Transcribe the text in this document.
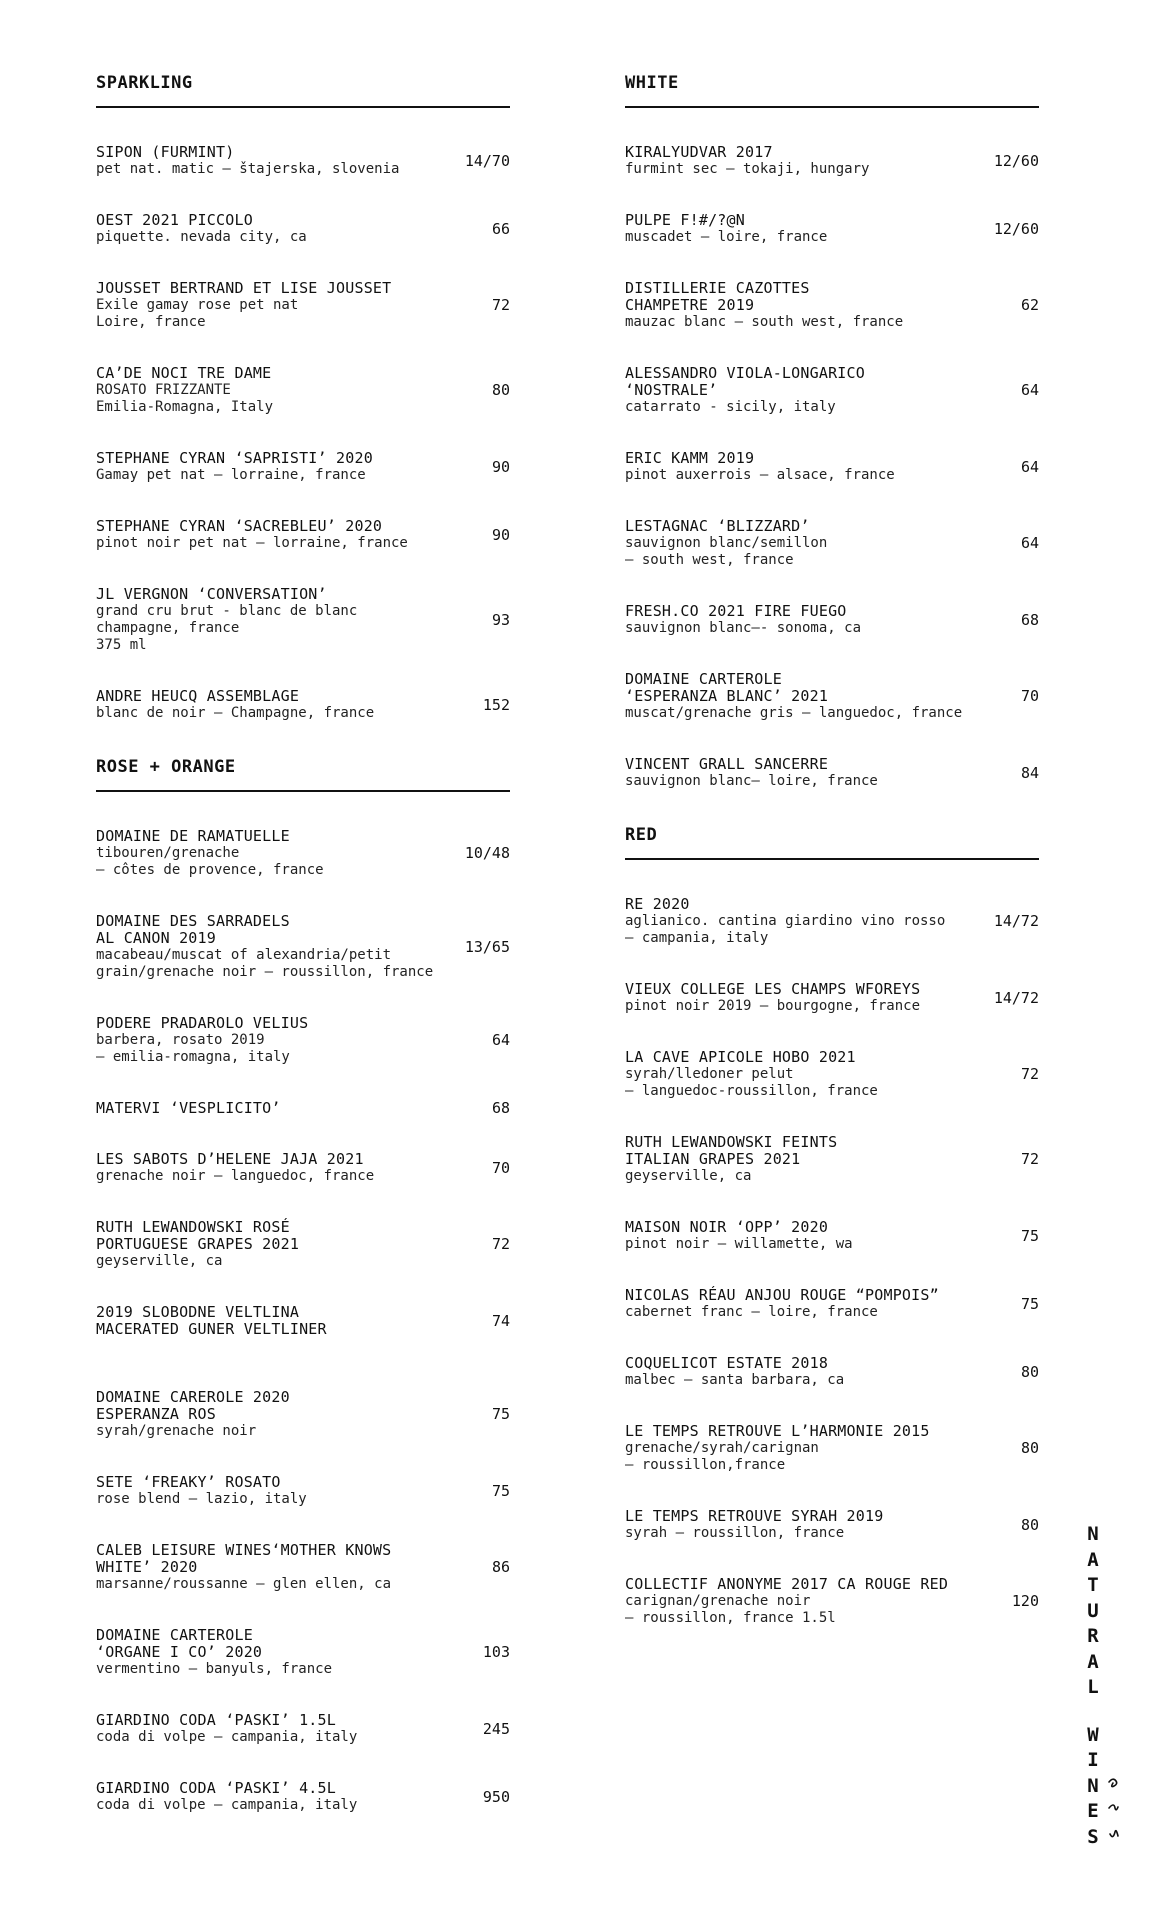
SPARKLING
SIPON (FURMINT)
pet nat. matic — štajerska, slovenia	14/70
OEST 2021 PICCOLO
piquette. nevada city, ca	66
JOUSSET BERTRAND ET LISE JOUSSET
Exile gamay rose pet nat
Loire, france
72
CA’DE NOCI TRE DAME
ROSATO FRIZZANTE
Emilia-Romagna, Italy
80
STEPHANE CYRAN ‘SAPRISTI’ 2020
Gamay pet nat — lorraine, france	90
STEPHANE CYRAN ‘SACREBLEU’ 2020
pinot noir pet nat — lorraine, france	90
JL VERGNON ‘CONVERSATION’
grand cru brut - blanc de blanc
champagne, france
375 ml
93
ANDRE HEUCQ ASSEMBLAGE
blanc de noir — Champagne, france	152
ROSE + ORANGE
DOMAINE DE RAMATUELLE
tibouren/grenache
— côtes de provence, france
10/48
DOMAINE DES SARRADELS
AL CANON 2019
macabeau/muscat of alexandria/petit
grain/grenache noir — roussillon, france
13/65
PODERE PRADAROLO VELIUS
barbera, rosato 2019
— emilia-romagna, italy
64
MATERVI ‘VESPLICITO’	68
LES SABOTS D’HELENE JAJA 2021
grenache noir — languedoc, france	70
RUTH LEWANDOWSKI ROSÉ
PORTUGUESE GRAPES 2021
geyserville, ca
72
2019 SLOBODNE VELTLINA
MACERATED GUNER VELTLINER	74
DOMAINE CAREROLE 2020
ESPERANZA ROS
syrah/grenache noir
75
SETE ‘FREAKY’ ROSATO
rose blend — lazio, italy	75
CALEB LEISURE WINES‘MOTHER KNOWS
WHITE’ 2020
marsanne/roussanne — glen ellen, ca
86
DOMAINE CARTEROLE
‘ORGANE I CO’ 2020
vermentino — banyuls, france
103
GIARDINO CODA ‘PASKI’ 1.5L
coda di volpe — campania, italy	245
GIARDINO CODA ‘PASKI’ 4.5L
coda di volpe — campania, italy	950
WHITE
KIRALYUDVAR 2017
furmint sec — tokaji, hungary	12/60
PULPE F!#/?@N
muscadet — loire, france	12/60
DISTILLERIE CAZOTTES
CHAMPETRE 2019
mauzac blanc — south west, france
62
ALESSANDRO VIOLA-LONGARICO
‘NOSTRALE’
catarrato - sicily, italy
64
ERIC KAMM 2019
pinot auxerrois — alsace, france	64
LESTAGNAC ‘BLIZZARD’
sauvignon blanc/semillon
— south west, france
64
FRESH.CO 2021 FIRE FUEGO
sauvignon blanc—- sonoma, ca	68
DOMAINE CARTEROLE
‘ESPERANZA BLANC’ 2021
muscat/grenache gris — languedoc, france
70
VINCENT GRALL SANCERRE
sauvignon blanc— loire, france	84
RED
RE 2020
aglianico. cantina giardino vino rosso
— campania, italy
14/72
VIEUX COLLEGE LES CHAMPS WFOREYS
pinot noir 2019 — bourgogne, france	14/72
LA CAVE APICOLE HOBO 2021
syrah/lledoner pelut
— languedoc-roussillon, france
72
RUTH LEWANDOWSKI FEINTS
ITALIAN GRAPES 2021
geyserville, ca
72
MAISON NOIR ‘OPP’ 2020
pinot noir — willamette, wa	75
NICOLAS RÉAU ANJOU ROUGE “POMPOIS”
cabernet franc — loire, france	75
COQUELICOT ESTATE 2018
malbec — santa barbara, ca	80
LE TEMPS RETROUVE L’HARMONIE 2015
grenache/syrah/carignan
— roussillon,france
80
LE TEMPS RETROUVE SYRAH 2019
syrah — roussillon, france	80
COLLECTIF ANONYME 2017 CA ROUGE RED
carignan/grenache noir
— roussillon, france 1.5l
120
N
A
T
U
R
A
L
W
I
N
E
S
